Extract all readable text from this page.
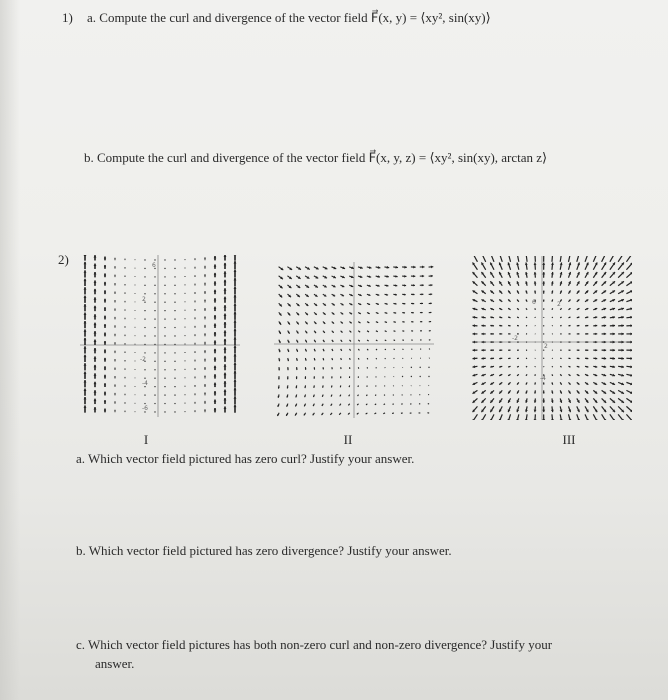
1) a. Compute the curl and divergence of the vector field F⃗(x, y) = ⟨xy², sin(xy)⟩
b. Compute the curl and divergence of the vector field F⃗(x, y, z) = ⟨xy², sin(xy), arctan z⟩
2)	6
2
-2
-4
-6
6	2
-2
2
-4
I	II	III
a. Which vector field pictured has zero curl? Justify your answer.
b. Which vector field pictured has zero divergence? Justify your answer.
c. Which vector field pictures has both non-zero curl and non-zero divergence? Justify your
answer.
